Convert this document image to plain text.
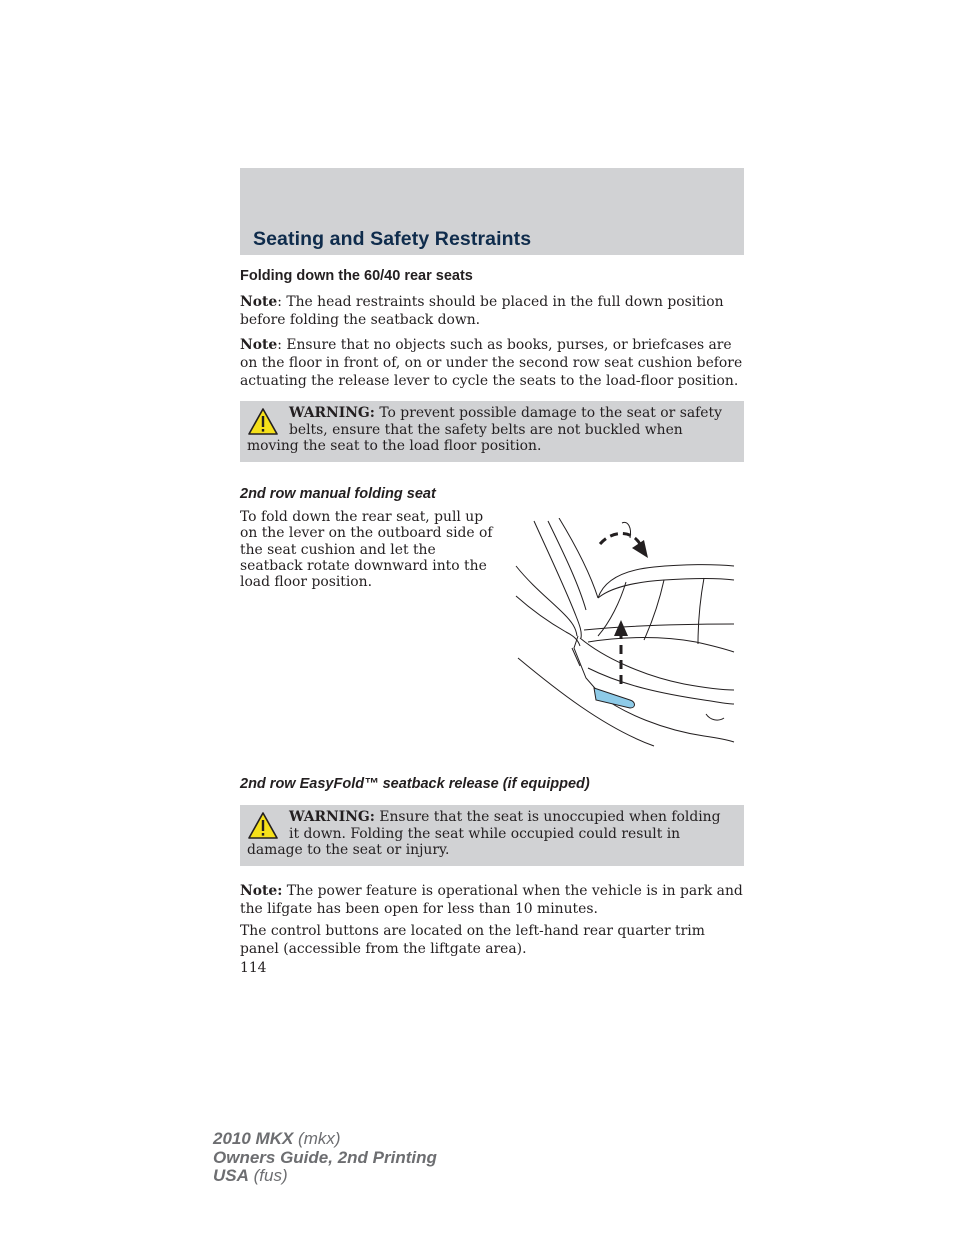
Seating and Safety Restraints
Folding down the 60/40 rear seats

Note: The head restraints should be placed in the full down position before folding the seatback down.

Note: Ensure that no objects such as books, purses, or briefcases are on the floor in front of, on or under the second row seat cushion before actuating the release lever to cycle the seats to the load-floor position.

WARNING: To prevent possible damage to the seat or safety belts, ensure that the safety belts are not buckled when moving the seat to the load floor position.
2nd row manual folding seat
To fold down the rear seat, pull up on the lever on the outboard side of the seat cushion and let the seatback rotate downward into the load floor position.
2nd row EasyFold™ seatback release (if equipped)
WARNING: Ensure that the seat is unoccupied when folding it down. Folding the seat while occupied could result in damage to the seat or injury.

Note: The power feature is operational when the vehicle is in park and the lifgate has been open for less than 10 minutes.

The control buttons are located on the left-hand rear quarter trim panel (accessible from the liftgate area).

114
2010 MKX (mkx)
Owners Guide, 2nd Printing
USA (fus)
